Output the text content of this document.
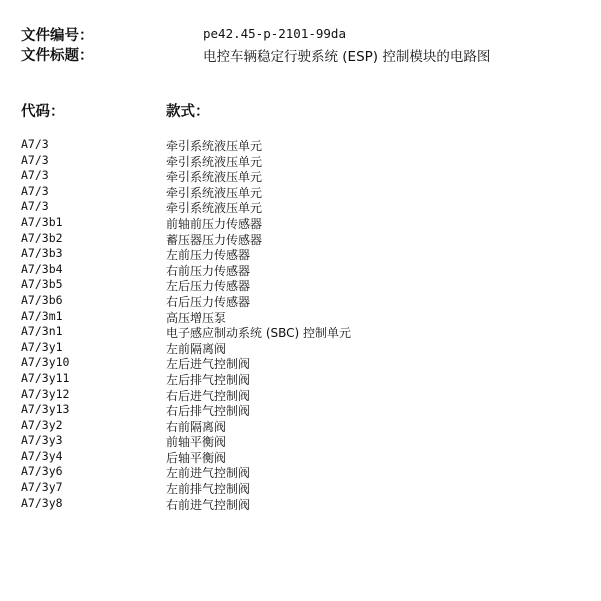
文件编号：	pe42.45-p-2101-99da
文件标题：	电控车辆稳定行驶系统 (ESP) 控制模块的电路图
代码：	款式：
A7/3	牵引系统液压单元
A7/3	牵引系统液压单元
A7/3	牵引系统液压单元
A7/3	牵引系统液压单元
A7/3	牵引系统液压单元
A7/3b1	前轴前压力传感器
A7/3b2	蓄压器压力传感器
A7/3b3	左前压力传感器
A7/3b4	右前压力传感器
A7/3b5	左后压力传感器
A7/3b6	右后压力传感器
A7/3m1	高压增压泵
A7/3n1	电子感应制动系统 (SBC) 控制单元
A7/3y1	左前隔离阀
A7/3y10	左后进气控制阀
A7/3y11	左后排气控制阀
A7/3y12	右后进气控制阀
A7/3y13	右后排气控制阀
A7/3y2	右前隔离阀
A7/3y3	前轴平衡阀
A7/3y4	后轴平衡阀
A7/3y6	左前进气控制阀
A7/3y7	左前排气控制阀
A7/3y8	右前进气控制阀
